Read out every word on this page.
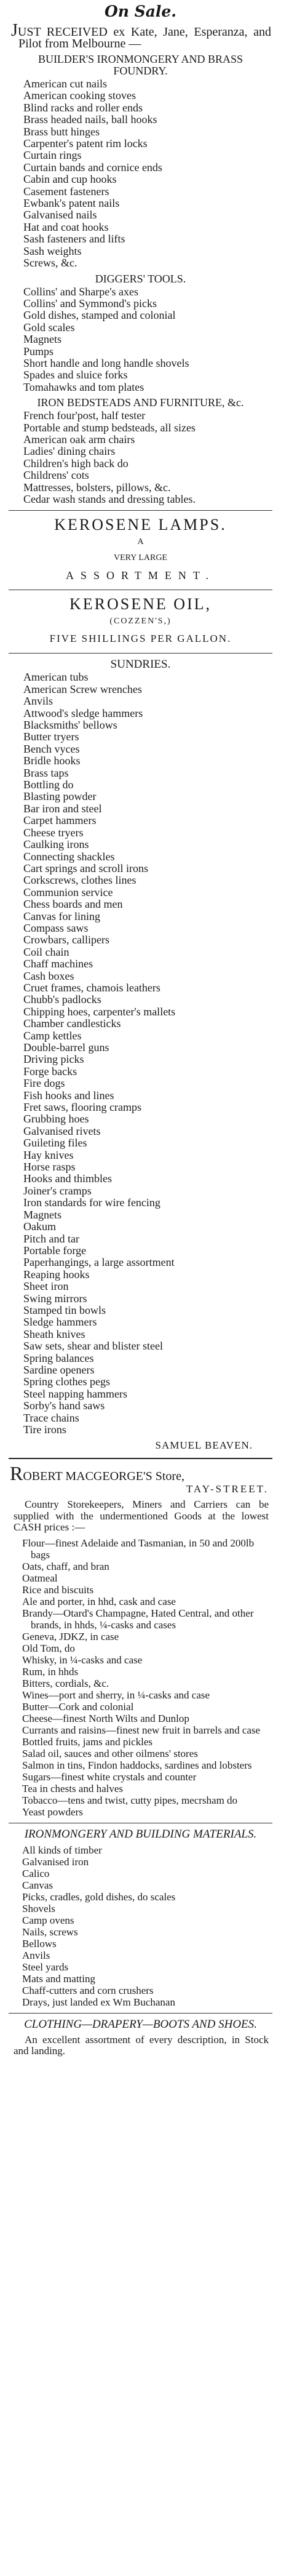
On Sale.
JUST RECEIVED ex Kate, Jane, Esperanza, and Pilot from Melbourne —
BUILDER'S IRONMONGERY AND BRASS FOUNDRY.
American cut nails
American cooking stoves
Blind racks and roller ends
Brass headed nails, ball hooks
Brass butt hinges
Carpenter's patent rim locks
Curtain rings
Curtain bands and cornice ends
Cabin and cup hooks
Casement fasteners
Ewbank's patent nails
Galvanised nails
Hat and coat hooks
Sash fasteners and lifts
Sash weights
Screws, &c.
DIGGERS' TOOLS.
Collins' and Sharpe's axes
Collins' and Symmond's picks
Gold dishes, stamped and colonial
Gold scales
Magnets
Pumps
Short handle and long handle shovels
Spades and sluice forks
Tomahawks and tom plates
IRON BEDSTEADS AND FURNITURE, &c.
French four'post, half tester
Portable and stump bedsteads, all sizes
American oak arm chairs
Ladies' dining chairs
Children's high back do
Childrens' cots
Mattresses, bolsters, pillows, &c.
Cedar wash stands and dressing tables.
KEROSENE LAMPS.
A
VERY LARGE
ASSORTMENT.
KEROSENE OIL,
(COZZEN'S,)
FIVE SHILLINGS PER GALLON.
SUNDRIES.
American tubs
American Screw wrenches
Anvils
Attwood's sledge hammers
Blacksmiths' bellows
Butter tryers
Bench vyces
Bridle hooks
Brass taps
Bottling do
Blasting powder
Bar iron and steel
Carpet hammers
Cheese tryers
Caulking irons
Connecting shackles
Cart springs and scroll irons
Corkscrews, clothes lines
Communion service
Chess boards and men
Canvas for lining
Compass saws
Crowbars, callipers
Coil chain
Chaff machines
Cash boxes
Cruet frames, chamois leathers
Chubb's padlocks
Chipping hoes, carpenter's mallets
Chamber candlesticks
Camp kettles
Double-barrel guns
Driving picks
Forge backs
Fire dogs
Fish hooks and lines
Fret saws, flooring cramps
Grubbing hoes
Galvanised rivets
Guileting files
Hay knives
Horse rasps
Hooks and thimbles
Joiner's cramps
Iron standards for wire fencing
Magnets
Oakum
Pitch and tar
Portable forge
Paperhangings, a large assortment
Reaping hooks
Sheet iron
Swing mirrors
Stamped tin bowls
Sledge hammers
Sheath knives
Saw sets, shear and blister steel
Spring balances
Sardine openers
Spring clothes pegs
Steel napping hammers
Sorby's hand saws
Trace chains
Tire irons
SAMUEL BEAVEN.
ROBERT MACGEORGE'S Store,
TAY-STREET.
Country Storekeepers, Miners and Carriers can be supplied with the undermentioned Goods at the lowest CASH prices :—
Flour—finest Adelaide and Tasmanian, in 50 and 200lb bags
Oats, chaff, and bran
Oatmeal
Rice and biscuits
Ale and porter, in hhd, cask and case
Brandy—Otard's Champagne, Hated Central, and other brands, in hhds, ¼-casks and cases
Geneva, JDKZ, in case
Old Tom, do
Whisky, in ¼-casks and case
Rum, in hhds
Bitters, cordials, &c.
Wines—port and sherry, in ¼-casks and case
Butter—Cork and colonial
Cheese—finest North Wilts and Dunlop
Currants and raisins—finest new fruit in barrels and case
Bottled fruits, jams and pickles
Salad oil, sauces and other oilmens' stores
Salmon in tins, Findon haddocks, sardines and lobsters
Sugars—finest white crystals and counter
Tea in chests and halves
Tobacco—tens and twist, cutty pipes, mecrsham do
Yeast powders
IRONMONGERY AND BUILDING MATERIALS.
All kinds of timber
Galvanised iron
Calico
Canvas
Picks, cradles, gold dishes, do scales
Shovels
Camp ovens
Nails, screws
Bellows
Anvils
Steel yards
Mats and matting
Chaff-cutters and corn crushers
Drays, just landed ex Wm Buchanan
CLOTHING—DRAPERY—BOOTS AND SHOES.
An excellent assortment of every description, in Stock and landing.
